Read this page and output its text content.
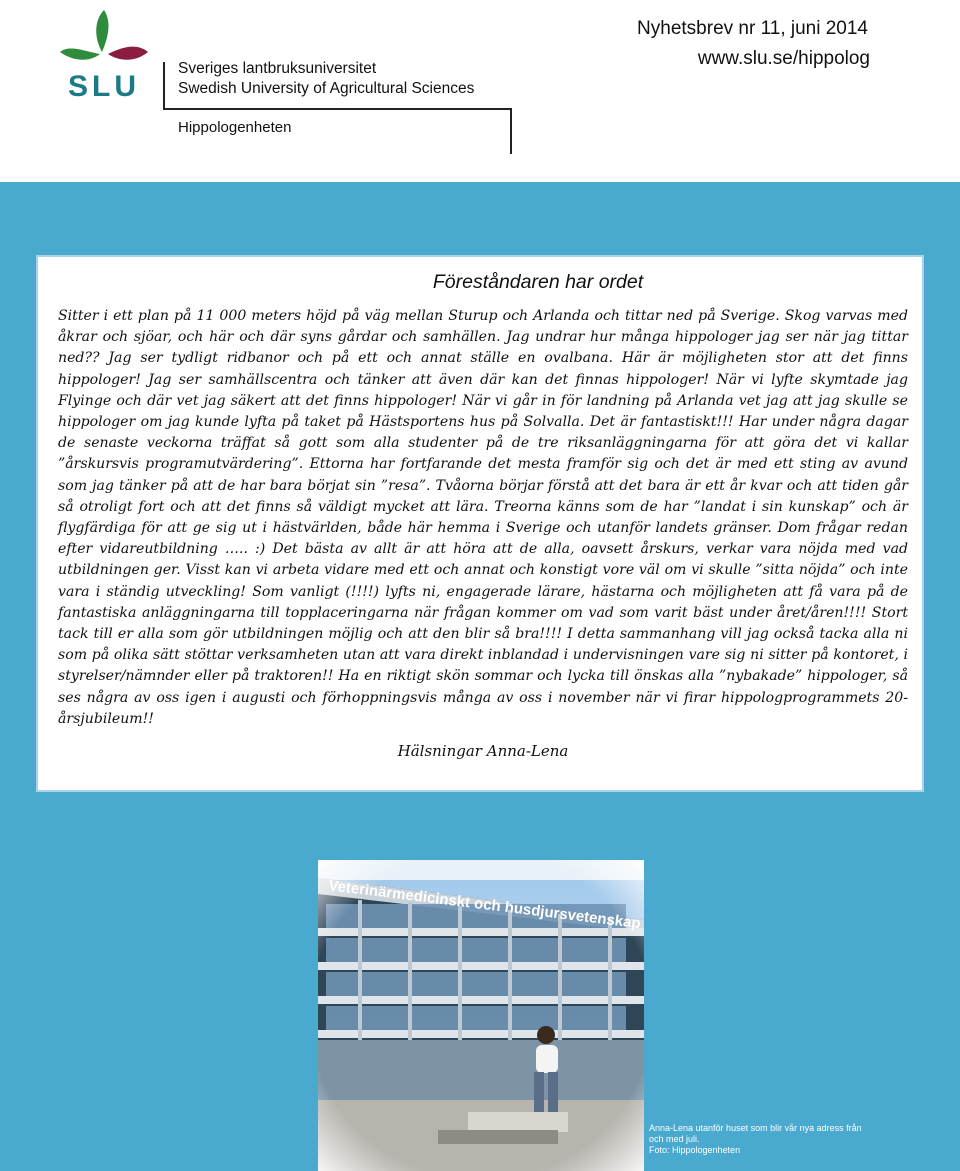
SLU
Sveriges lantbruksuniversitet
Swedish University of Agricultural Sciences
Hippologenheten
Nyhetsbrev nr 11, juni 2014
www.slu.se/hippolog
Föreståndaren har ordet

Sitter i ett plan på 11 000 meters höjd på väg mellan Sturup och Arlanda och tittar ned på Sverige. Skog varvas med åkrar och sjöar, och här och där syns gårdar och samhällen. Jag undrar hur många hippologer jag ser när jag tittar ned?? Jag ser tydligt ridbanor och på ett och annat ställe en ovalbana. Här är möjligheten stor att det finns hippologer! Jag ser samhällscentra och tänker att även där kan det finnas hippologer! När vi lyfte skymtade jag Flyinge och där vet jag säkert att det finns hippologer! När vi går in för landning på Arlanda vet jag att jag skulle se hippologer om jag kunde lyfta på taket på Hästsportens hus på Solvalla. Det är fantastiskt!!! Har under några dagar de senaste veckorna träffat så gott som alla studenter på de tre riksanläggningarna för att göra det vi kallar ”årskursvis programutvärdering”. Ettorna har fortfarande det mesta framför sig och det är med ett sting av avund som jag tänker på att de har bara börjat sin ”resa”. Tvåorna börjar förstå att det bara är ett år kvar och att tiden går så otroligt fort och att det finns så väldigt mycket att lära. Treorna känns som de har ”landat i sin kunskap” och är flygfärdiga för att ge sig ut i hästvärlden, både här hemma i Sverige och utanför landets gränser. Dom frågar redan efter vidareutbildning ….. :) Det bästa av allt är att höra att de alla, oavsett årskurs, verkar vara nöjda med vad utbildningen ger. Visst kan vi arbeta vidare med ett och annat och konstigt vore väl om vi skulle ”sitta nöjda” och inte vara i ständig utveckling! Som vanligt (!!!!) lyfts ni, engagerade lärare, hästarna och möjligheten att få vara på de fantastiska anläggningarna till topplaceringarna när frågan kommer om vad som varit bäst under året/åren!!!! Stort tack till er alla som gör utbildningen möjlig och att den blir så bra!!!! I detta sammanhang vill jag också tacka alla ni som på olika sätt stöttar verksamheten utan att vara direkt inblandad i undervisningen vare sig ni sitter på kontoret, i styrelser/nämnder eller på traktoren!! Ha en riktigt skön sommar och lycka till önskas alla ”nybakade” hippologer, så ses några av oss igen i augusti och förhoppningsvis många av oss i november när vi firar hippologprogrammets 20-årsjubileum!!

Hälsningar Anna-Lena
Anna-Lena utanför huset som blir vår nya adress från
och med juli.
Foto: Hippologenheten
